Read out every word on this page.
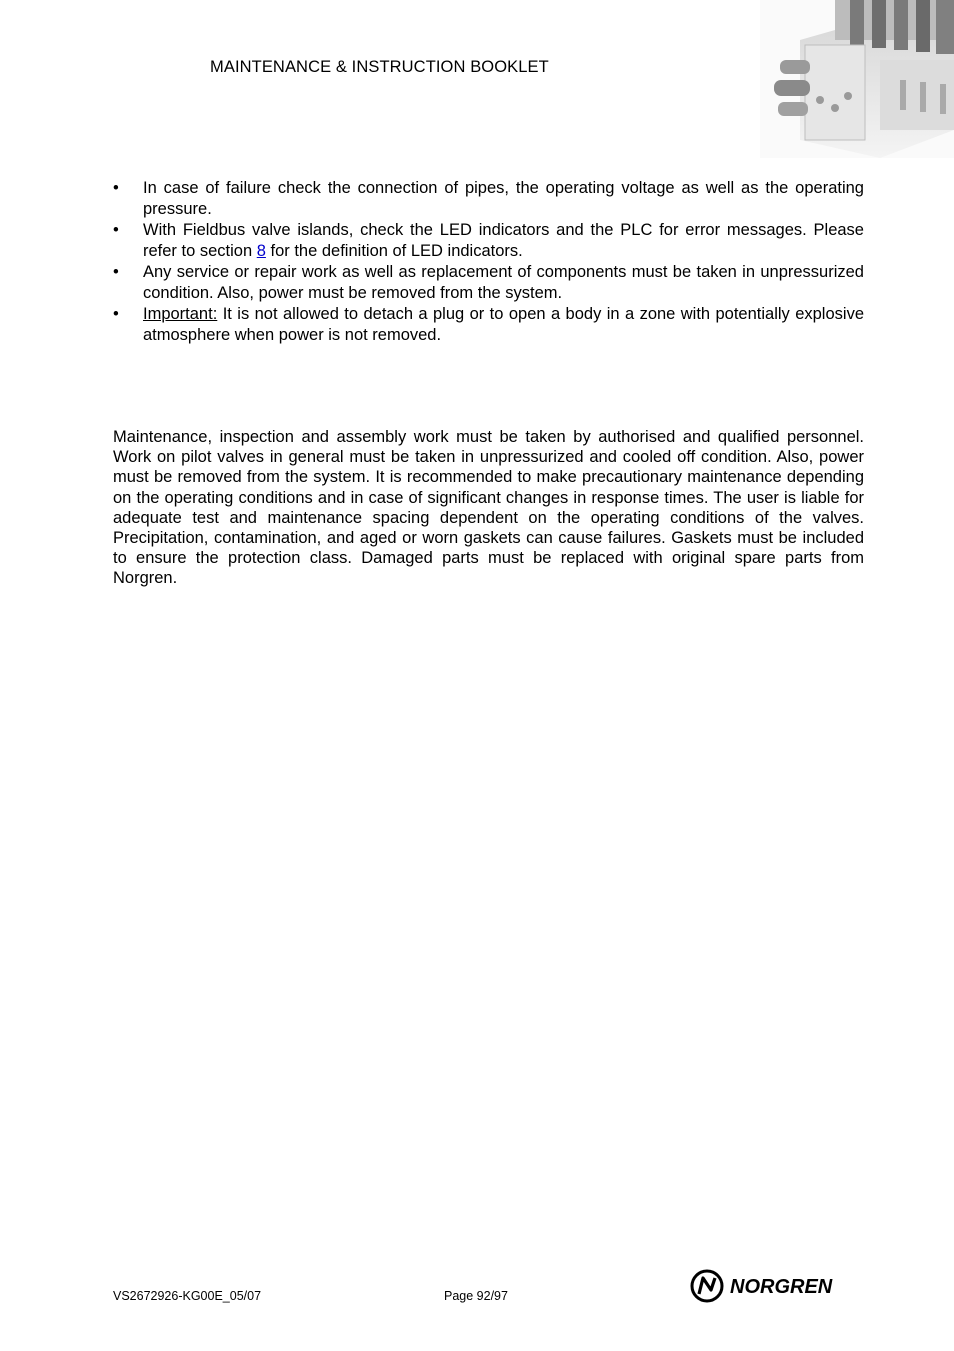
MAINTENANCE & INSTRUCTION BOOKLET
• In case of failure check the connection of pipes, the operating voltage as well as the operating pressure.
• With Fieldbus valve islands, check the LED indicators and the PLC for error messages. Please refer to section 8 for the definition of LED indicators.
• Any service or repair work as well as replacement of components must be taken in unpressurized condition. Also, power must be removed from the system.
• Important: It is not allowed to detach a plug or to open a body in a zone with potentially explosive atmosphere when power is not removed.

Maintenance, inspection and assembly work must be taken by authorised and qualified personnel. Work on pilot valves in general must be taken in unpressurized and cooled off condition. Also, power must be removed from the system. It is recommended to make precautionary maintenance depending on the operating conditions and in case of significant changes in response times. The user is liable for adequate test and maintenance spacing dependent on the operating conditions of the valves. Precipitation, contamination, and aged or worn gaskets can cause failures. Gaskets must be included to ensure the protection class. Damaged parts must be replaced with original spare parts from Norgren.

VS2672926-KG00E_05/07	Page 92/97	NORGREN
